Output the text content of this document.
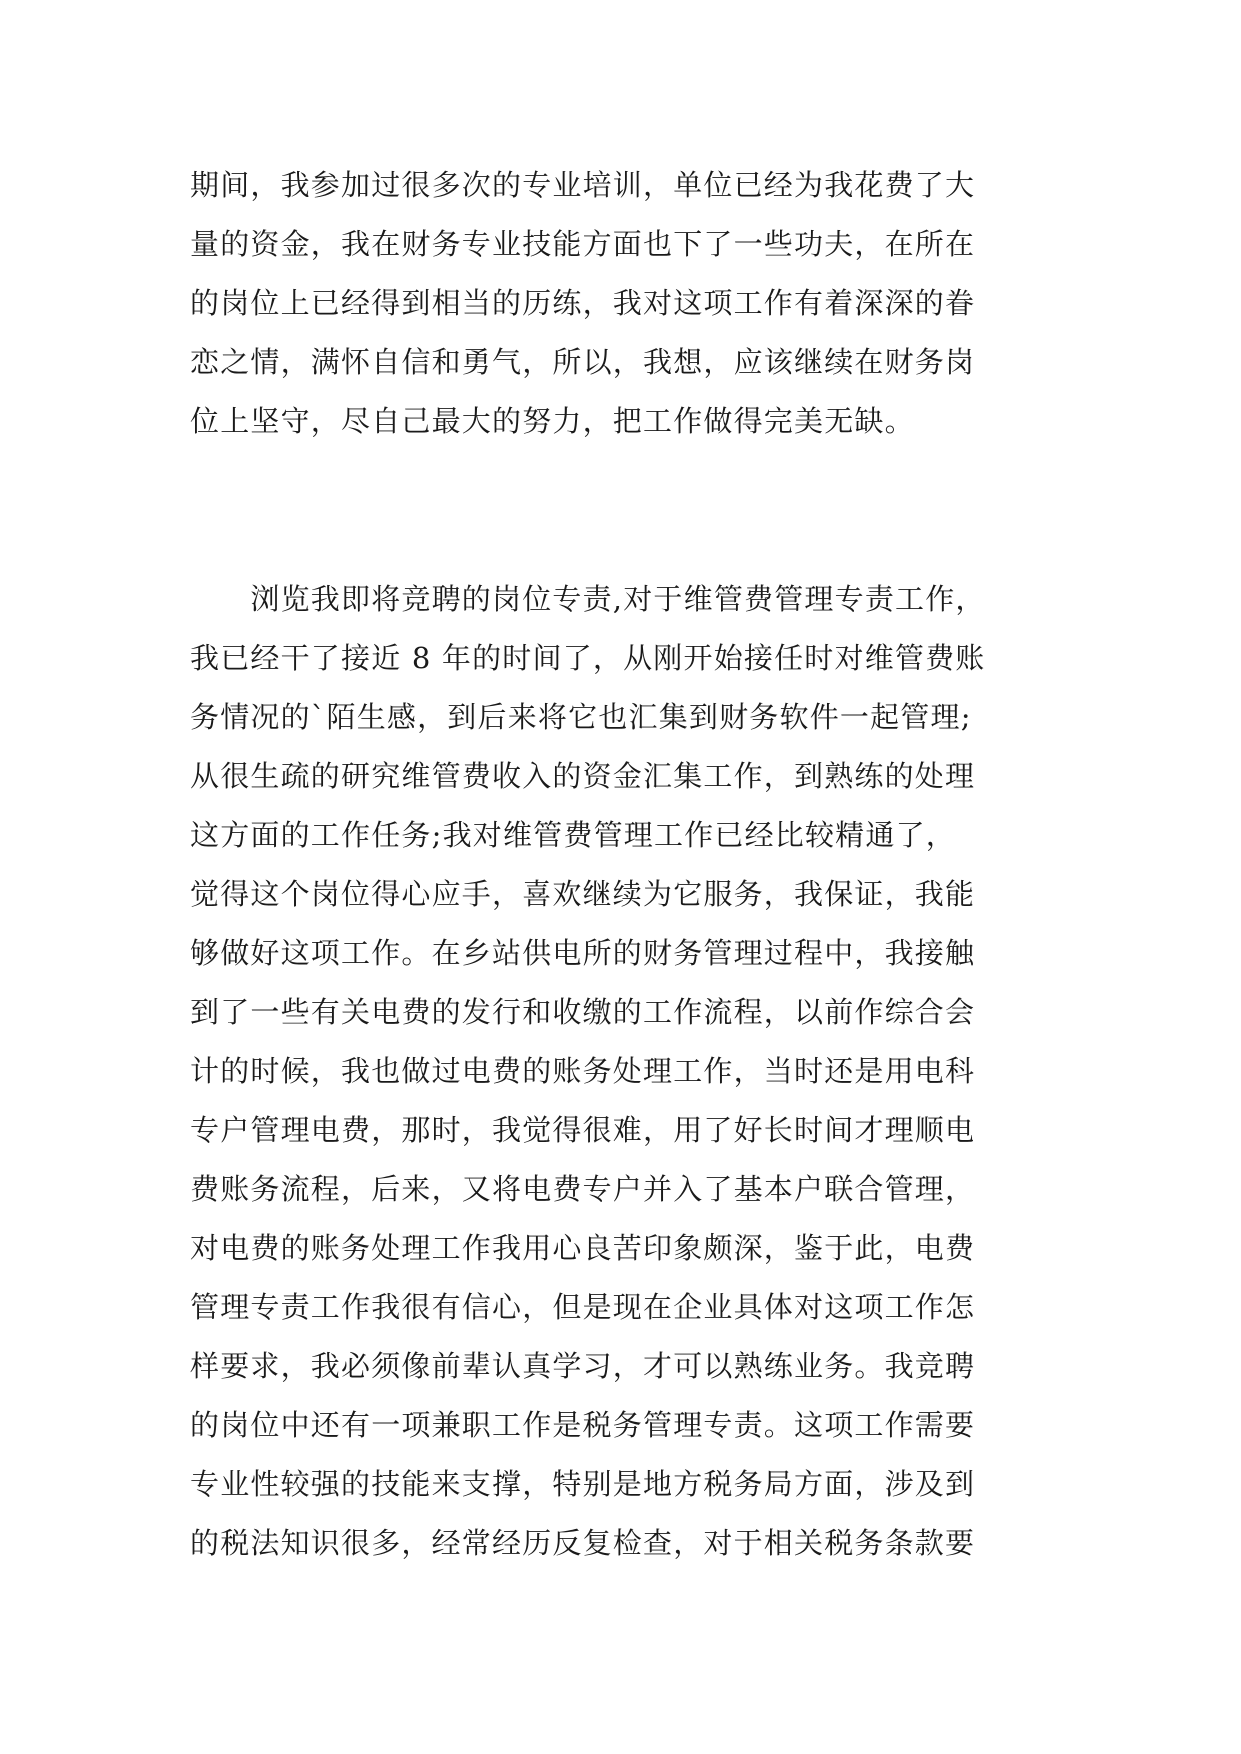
期间，我参加过很多次的专业培训，单位已经为我花费了大
量的资金，我在财务专业技能方面也下了一些功夫，在所在
的岗位上已经得到相当的历练，我对这项工作有着深深的眷
恋之情，满怀自信和勇气，所以，我想，应该继续在财务岗
位上坚守，尽自己最大的努力，把工作做得完美无缺。
　　浏览我即将竞聘的岗位专责,对于维管费管理专责工作，
我已经干了接近 8 年的时间了，从刚开始接任时对维管费账
务情况的`陌生感，到后来将它也汇集到财务软件一起管理;
从很生疏的研究维管费收入的资金汇集工作，到熟练的处理
这方面的工作任务;我对维管费管理工作已经比较精通了，
觉得这个岗位得心应手，喜欢继续为它服务，我保证，我能
够做好这项工作。在乡站供电所的财务管理过程中，我接触
到了一些有关电费的发行和收缴的工作流程，以前作综合会
计的时候，我也做过电费的账务处理工作，当时还是用电科
专户管理电费，那时，我觉得很难，用了好长时间才理顺电
费账务流程，后来，又将电费专户并入了基本户联合管理，
对电费的账务处理工作我用心良苦印象颇深，鉴于此，电费
管理专责工作我很有信心，但是现在企业具体对这项工作怎
样要求，我必须像前辈认真学习，才可以熟练业务。我竞聘
的岗位中还有一项兼职工作是税务管理专责。这项工作需要
专业性较强的技能来支撑，特别是地方税务局方面，涉及到
的税法知识很多，经常经历反复检查，对于相关税务条款要
